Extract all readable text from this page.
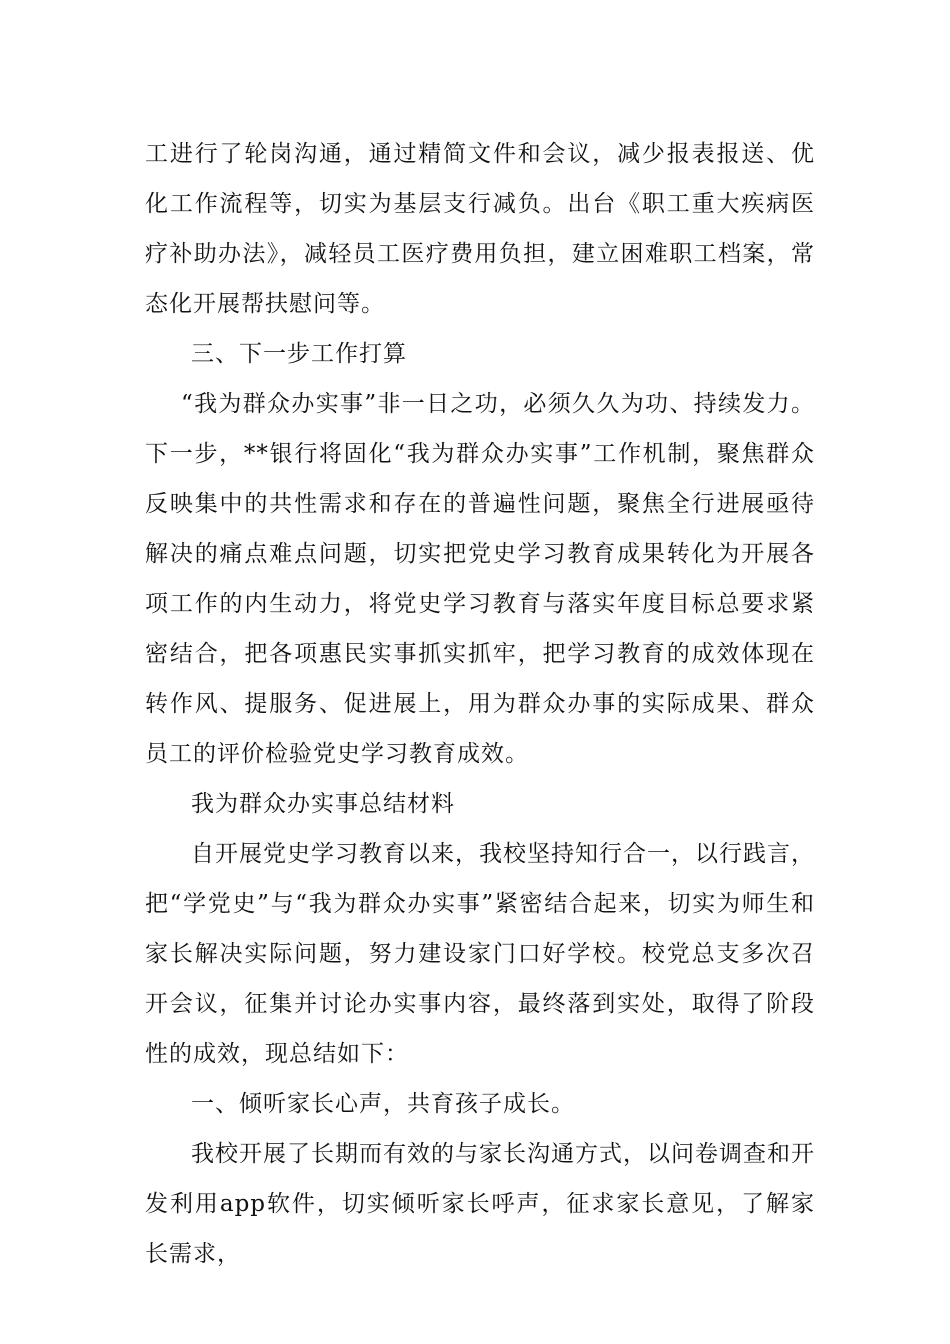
工进行了轮岗沟通，通过精简文件和会议，减少报表报送、优化工作流程等，切实为基层支行减负。出台《职工重大疾病医疗补助办法》，减轻员工医疗费用负担，建立困难职工档案，常态化开展帮扶慰问等。

三、下一步工作打算

“我为群众办实事”非一日之功，必须久久为功、持续发力。下一步，**银行将固化“我为群众办实事”工作机制，聚焦群众反映集中的共性需求和存在的普遍性问题，聚焦全行进展亟待解决的痛点难点问题，切实把党史学习教育成果转化为开展各项工作的内生动力，将党史学习教育与落实年度目标总要求紧密结合，把各项惠民实事抓实抓牢，把学习教育的成效体现在转作风、提服务、促进展上，用为群众办事的实际成果、群众员工的评价检验党史学习教育成效。

我为群众办实事总结材料

自开展党史学习教育以来，我校坚持知行合一，以行践言，把“学党史”与“我为群众办实事”紧密结合起来，切实为师生和家长解决实际问题，努力建设家门口好学校。校党总支多次召开会议，征集并讨论办实事内容，最终落到实处，取得了阶段性的成效，现总结如下：

一、倾听家长心声，共育孩子成长。

我校开展了长期而有效的与家长沟通方式，以问卷调查和开发利用app软件，切实倾听家长呼声，征求家长意见，了解家长需求，
